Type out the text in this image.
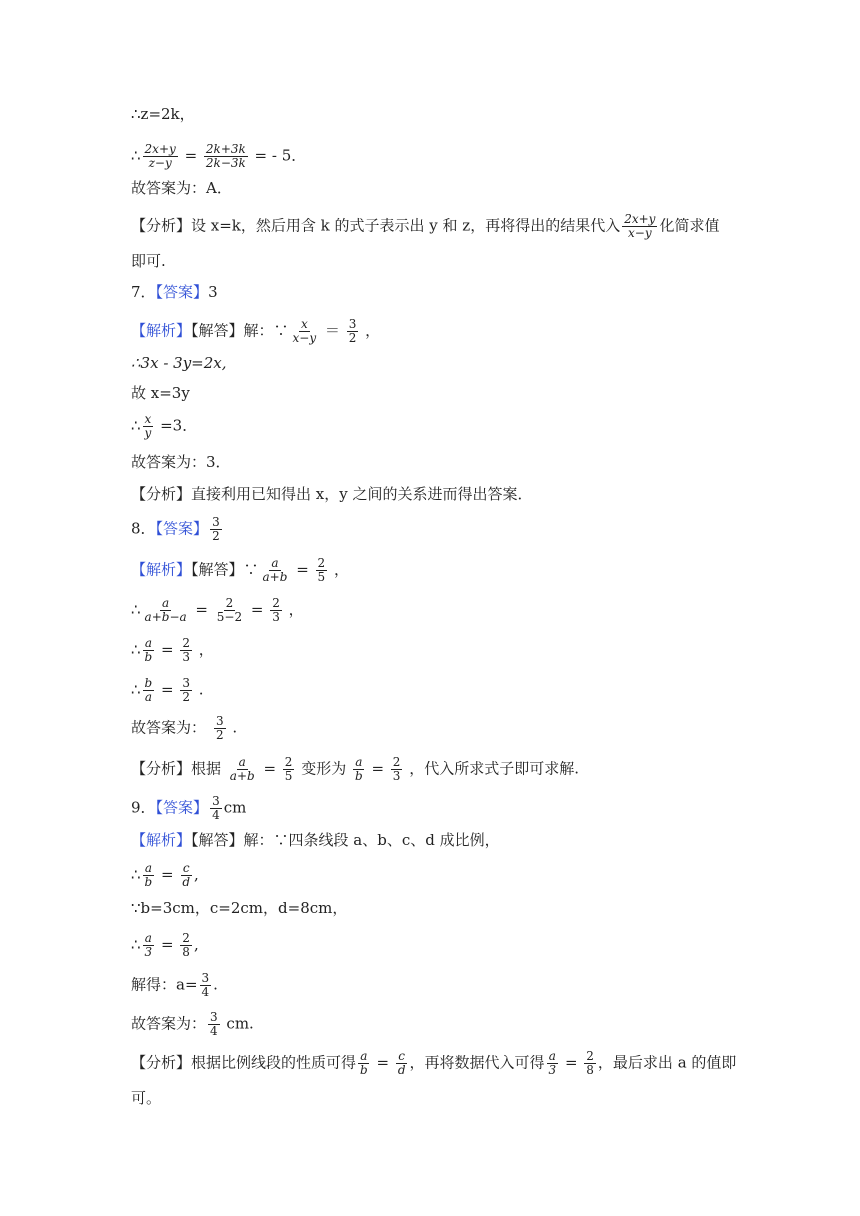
∴z=2k，
∴ $\frac{2x+y}{z-y} = \frac{2k+3k}{2k-3k}$ = - 5．
故答案为：A．
【分析】设 x=k，然后用含 k 的式子表示出 y 和 z，再将得出的结果代入 $\frac{2x+y}{x-y}$ 化简求值
即可.
7．【答案】3
【解析】【解答】解：∵ $\frac{x}{x-y} = \frac{3}{2}$ ，
∴3x - 3y=2x,
故 x=3y
∴ $\frac{x}{y} =3$．
故答案为：3．
【分析】直接利用已知得出 x，y 之间的关系进而得出答案．
8．【答案】 $\frac{3}{2}$
【解析】【解答】∵ $\frac{a}{a+b} = \frac{2}{5}$ ，
∴ $\frac{a}{a+b-a} = \frac{2}{5-2} = \frac{2}{3}$ ，
∴ $\frac{a}{b} = \frac{2}{3}$ ，
∴ $\frac{b}{a} = \frac{3}{2}$ .
故答案为： $\frac{3}{2}$ .
【分析】根据 $\frac{a}{a+b} = \frac{2}{5}$ 变形为 $\frac{a}{b} = \frac{2}{3}$ ，代入所求式子即可求解.
9．【答案】 $\frac{3}{4}$ cm
【解析】【解答】解：∵四条线段 a、b、c、d 成比例，
∴ $\frac{a}{b} = \frac{c}{d}$ ,
∵b=3cm，c=2cm，d=8cm，
∴ $\frac{a}{3} = \frac{2}{8}$ ,
解得：$a= \frac{3}{4}$ .
故答案为： $\frac{3}{4}$ cm.
【分析】根据比例线段的性质可得 $\frac{a}{b} = \frac{c}{d}$ ，再将数据代入可得 $\frac{a}{3} = \frac{2}{8}$ ，最后求出 a 的值即
可。
